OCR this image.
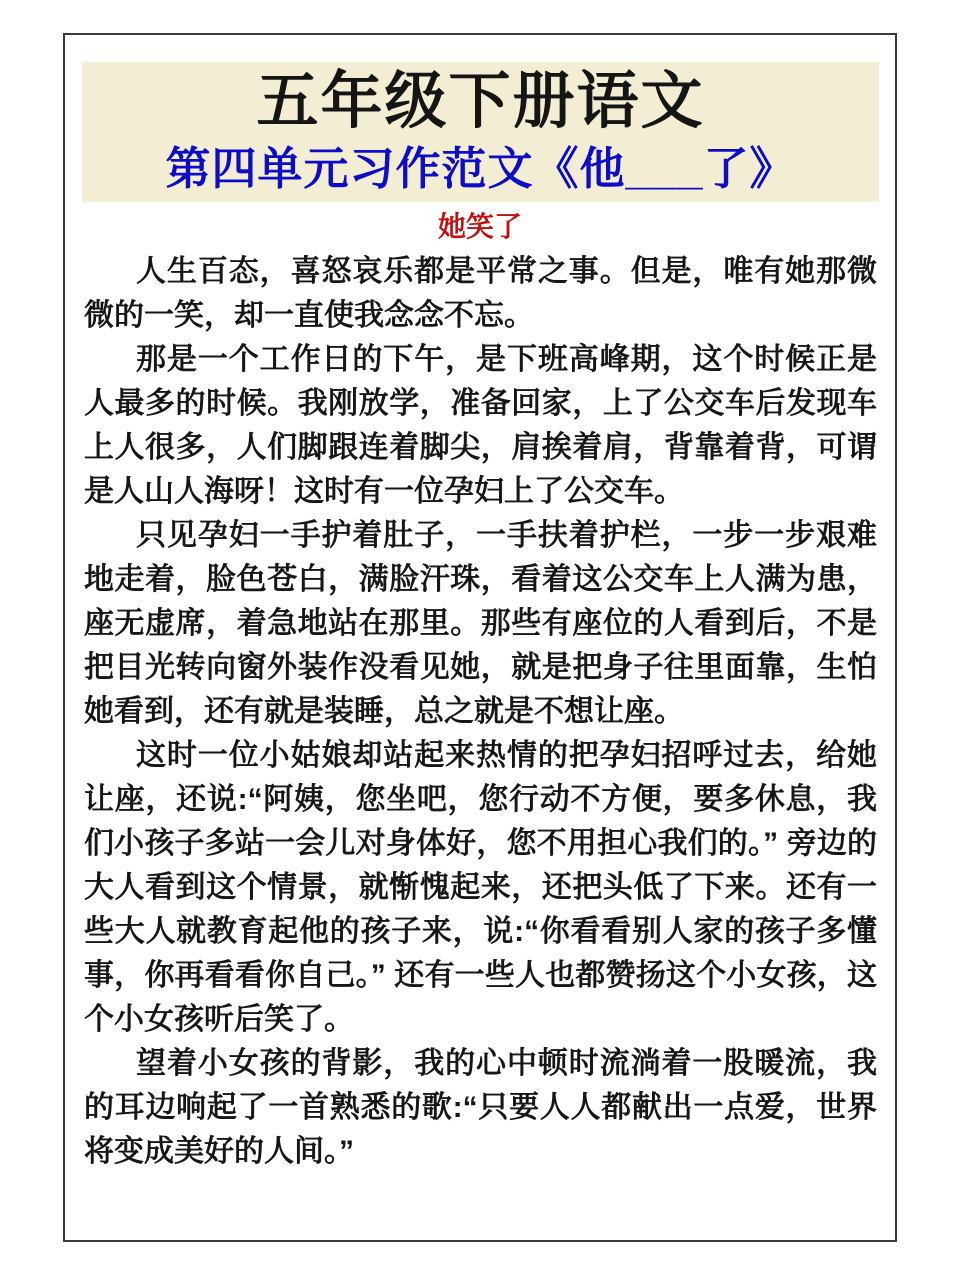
五年级下册语文
第四单元习作范文《他___了》
她笑了

人生百态，喜怒哀乐都是平常之事。但是，唯有她那微微的一笑，却一直使我念念不忘。

那是一个工作日的下午，是下班高峰期，这个时候正是人最多的时候。我刚放学，准备回家，上了公交车后发现车上人很多，人们脚跟连着脚尖，肩挨着肩，背靠着背，可谓是人山人海呀！这时有一位孕妇上了公交车。

只见孕妇一手护着肚子，一手扶着护栏，一步一步艰难地走着，脸色苍白，满脸汗珠，看着这公交车上人满为患，座无虚席，着急地站在那里。那些有座位的人看到后，不是把目光转向窗外装作没看见她，就是把身子往里面靠，生怕她看到，还有就是装睡，总之就是不想让座。

这时一位小姑娘却站起来热情的把孕妇招呼过去，给她让座，还说:“阿姨，您坐吧，您行动不方便，要多休息，我们小孩子多站一会儿对身体好，您不用担心我们的。” 旁边的大人看到这个情景，就惭愧起来，还把头低了下来。还有一些大人就教育起他的孩子来，说:“你看看别人家的孩子多懂事，你再看看你自己。” 还有一些人也都赞扬这个小女孩，这个小女孩听后笑了。

望着小女孩的背影，我的心中顿时流淌着一股暖流，我的耳边响起了一首熟悉的歌:“只要人人都献出一点爱，世界将变成美好的人间。”
